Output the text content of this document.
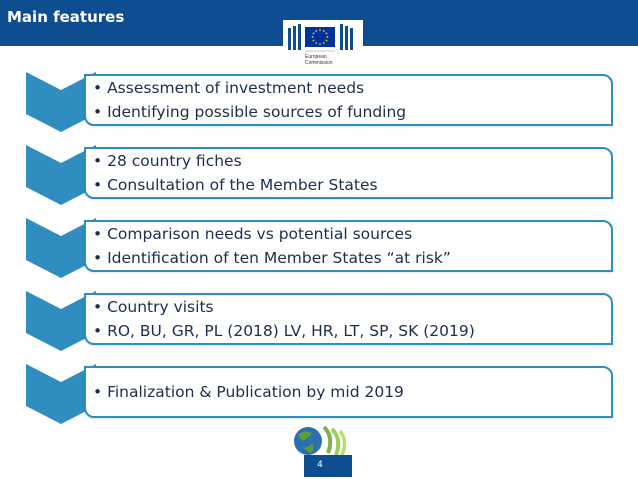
Main features
European
Commission
• Assessment of investment needs
• Identifying possible sources of funding
• 28 country fiches
• Consultation of the Member States
• Comparison needs vs potential sources
• Identification of ten Member States “at risk”
• Country visits
• RO, BU, GR, PL (2018) LV, HR, LT, SP, SK (2019)
• Finalization & Publication by mid 2019
4
